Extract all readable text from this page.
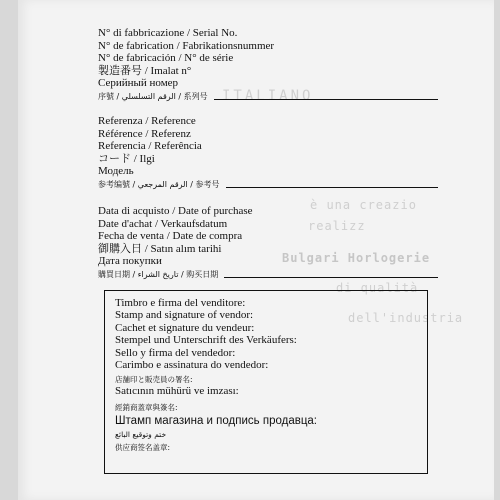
ITALIANO
è una creazio
realizz
Bulgari Horlogerie
di qualità
dell'industria
N° di fabbricazione / Serial No.
N° de fabrication / Fabrikationsnummer
N° de fabricación / N° de série
製造番号 / Imalat n°
Серийный номер
序號 / الرقم التسلسلي / 系列号
Referenza / Reference
Référence / Referenz
Referencia / Referência
コード / Ilgi
Модель
参考编號 / الرقم المرجعي / 参考号
Data di acquisto / Date of purchase
Date d'achat / Verkaufsdatum
Fecha de venta / Date de compra
御購入日 / Satın alım tarihi
Дата покупки
購買日期 / تاريخ الشراء / 购买日期
Timbro e firma del venditore:
Stamp and signature of vendor:
Cachet et signature du vendeur:
Stempel und Unterschrift des Verkäufers:
Sello y firma del vendedor:
Carimbo e assinatura do vendedor:
店舗印と販売員の署名:
Satıcının mühürü ve imzası:
經銷商蓋章與簽名:
Штамп магазина и подпись продавца:
ختم وتوقيع البائع
供应商签名盖章:
